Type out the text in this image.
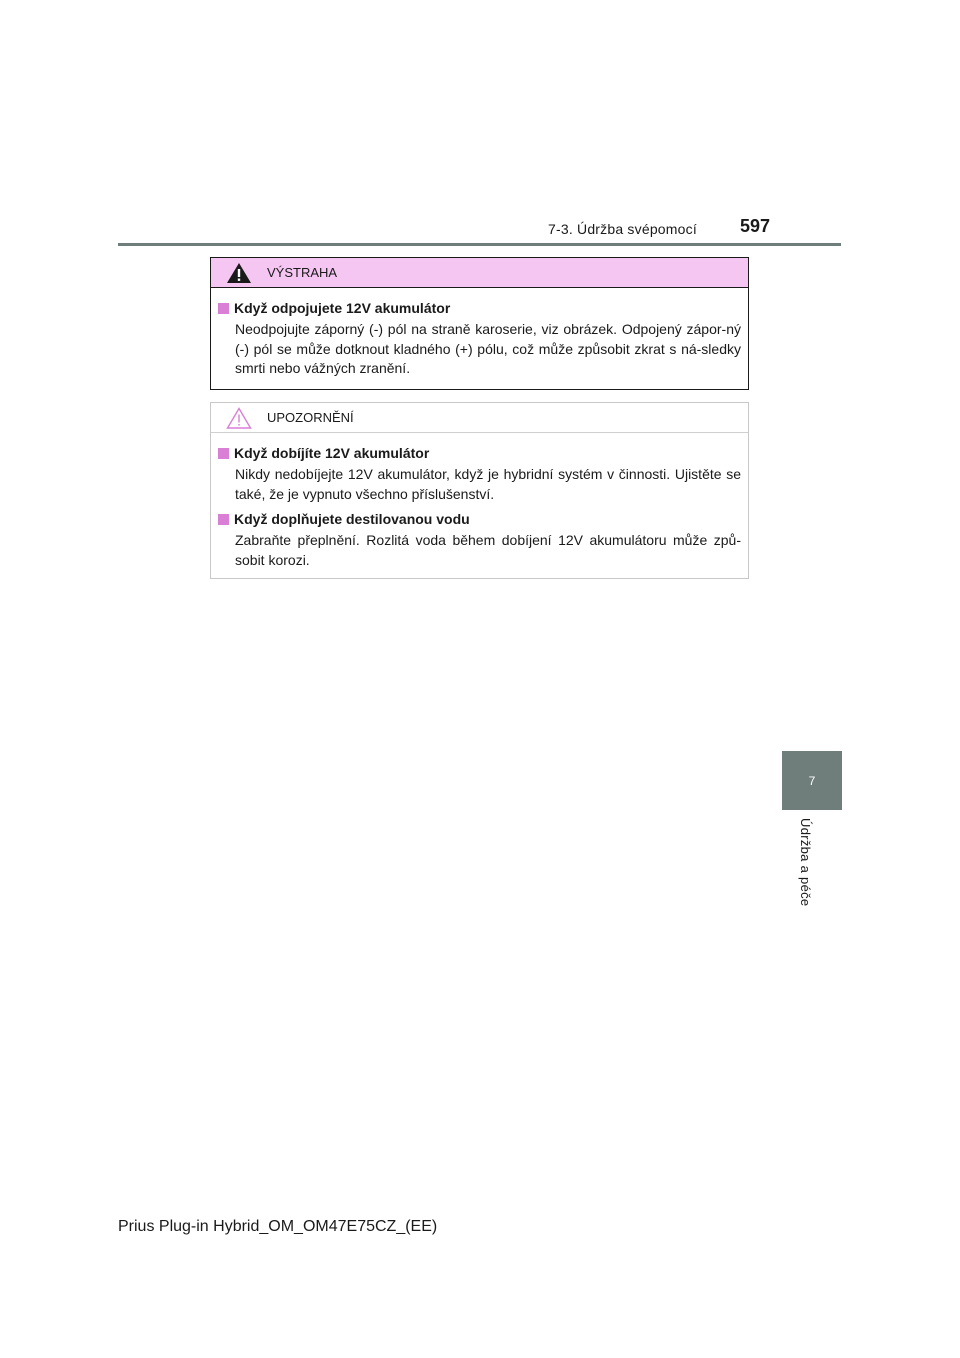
7-3. Údržba svépomocí 597
7
Údržba a péče
VÝSTRAHA
Když odpojujete 12V akumulátor
Neodpojujte záporný (-) pól na straně karoserie, viz obrázek. Odpojený zápor-ný (-) pól se může dotknout kladného (+) pólu, což může způsobit zkrat s ná-sledky smrti nebo vážných zranění.
UPOZORNĚNÍ
Když dobíjíte 12V akumulátor
Nikdy nedobíjejte 12V akumulátor, když je hybridní systém v činnosti. Ujistěte se také, že je vypnuto všechno příslušenství.
Když doplňujete destilovanou vodu
Zabraňte přeplnění. Rozlitá voda během dobíjení 12V akumulátoru může způ-sobit korozi.
Prius Plug-in Hybrid_OM_OM47E75CZ_(EE)
